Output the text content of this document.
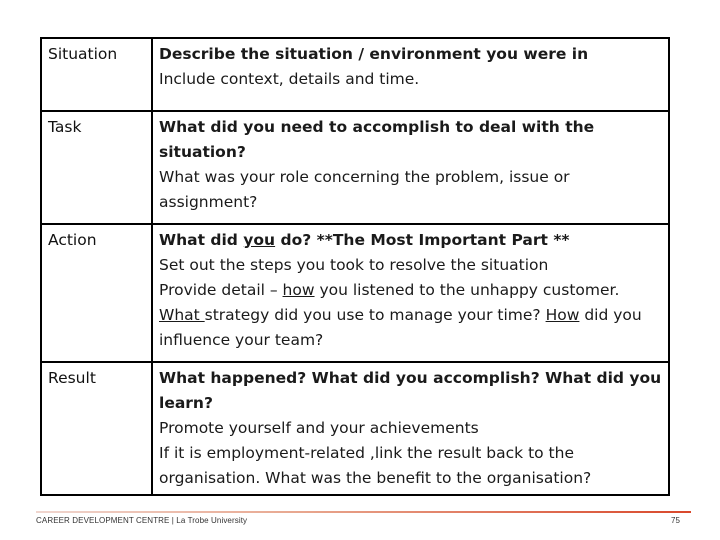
Situation	Describe the situation / environment you were in
Include context, details and time.

Task	What did you need to accomplish to deal with the situation?
What was your role concerning the problem, issue or assignment?

Action	What did you do? **The Most Important Part **
Set out the steps you took to resolve the situation
Provide detail – how you listened to the unhappy customer. What strategy did you use to manage your time? How did you influence your team?

Result	What happened? What did you accomplish? What did you learn?
Promote yourself and your achievements
If it is employment-related ,link the result back to the organisation. What was the benefit to the organisation?
CAREER DEVELOPMENT CENTRE | La Trobe University	75
